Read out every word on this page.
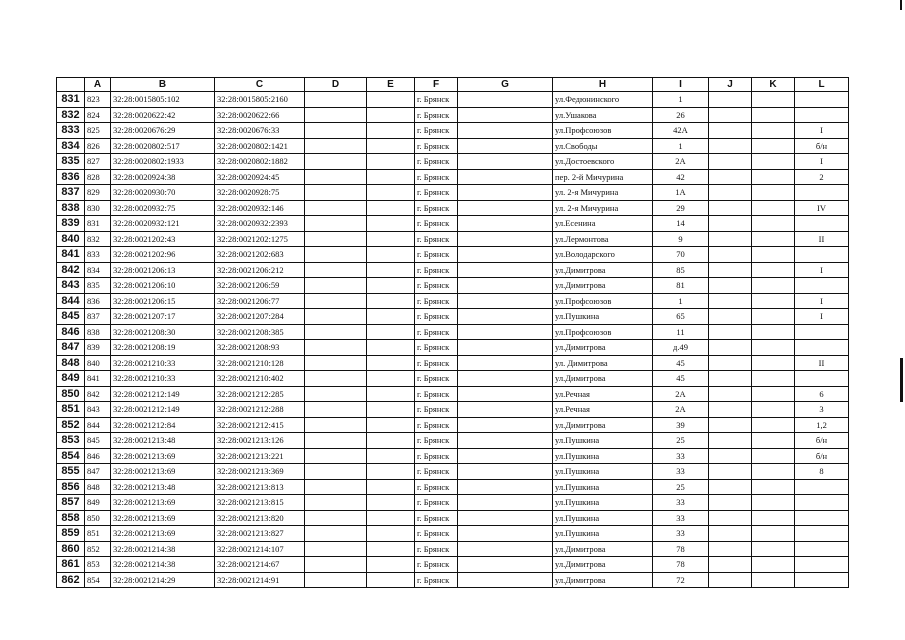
	A	B	C	D	E	F	G	H	I	J	K	L
831	823	32:28:0015805:102	32:28:0015805:2160			г. Брянск		ул.Федюнинского	1			
832	824	32:28:0020622:42	32:28:0020622:66			г. Брянск		ул.Ушакова	26			
833	825	32:28:0020676:29	32:28:0020676:33			г. Брянск		ул.Профсоюзов	42А			I
834	826	32:28:0020802:517	32:28:0020802:1421			г. Брянск		ул.Свободы	1			б/н
835	827	32:28:0020802:1933	32:28:0020802:1882			г. Брянск		ул.Достоевского	2А			I
836	828	32:28:0020924:38	32:28:0020924:45			г. Брянск		пер. 2-й Мичурина	42			2
837	829	32:28:0020930:70	32:28:0020928:75			г. Брянск		ул. 2-я Мичурина	1А			
838	830	32:28:0020932:75	32:28:0020932:146			г. Брянск		ул. 2-я Мичурина	29			IV
839	831	32:28:0020932:121	32:28:0020932:2393			г. Брянск		ул.Есенина	14			
840	832	32:28:0021202:43	32:28:0021202:1275			г. Брянск		ул.Лермонтова	9			II
841	833	32:28:0021202:96	32:28:0021202:683			г. Брянск		ул.Володарского	70			
842	834	32:28:0021206:13	32:28:0021206:212			г. Брянск		ул.Димитрова	85			I
843	835	32:28:0021206:10	32:28:0021206:59			г. Брянск		ул.Димитрова	81			
844	836	32:28:0021206:15	32:28:0021206:77			г. Брянск		ул.Профсоюзов	1			I
845	837	32:28:0021207:17	32:28:0021207:284			г. Брянск		ул.Пушкина	65			I
846	838	32:28:0021208:30	32:28:0021208:385			г. Брянск		ул.Профсоюзов	11			
847	839	32:28:0021208:19	32:28:0021208:93			г. Брянск		ул.Димитрова	д.49			
848	840	32:28:0021210:33	32:28:0021210:128			г. Брянск		ул. Димитрова	45			II
849	841	32:28:0021210:33	32:28:0021210:402			г. Брянск		ул.Димитрова	45			
850	842	32:28:0021212:149	32:28:0021212:285			г. Брянск		ул.Речная	2А			6
851	843	32:28:0021212:149	32:28:0021212:288			г. Брянск		ул.Речная	2А			3
852	844	32:28:0021212:84	32:28:0021212:415			г. Брянск		ул.Димитрова	39			1,2
853	845	32:28:0021213:48	32:28:0021213:126			г. Брянск		ул.Пушкина	25			б/н
854	846	32:28:0021213:69	32:28:0021213:221			г. Брянск		ул.Пушкина	33			б/н
855	847	32:28:0021213:69	32:28:0021213:369			г. Брянск		ул.Пушкина	33			8
856	848	32:28:0021213:48	32:28:0021213:813			г. Брянск		ул.Пушкина	25			
857	849	32:28:0021213:69	32:28:0021213:815			г. Брянск		ул.Пушкина	33			
858	850	32:28:0021213:69	32:28:0021213:820			г. Брянск		ул.Пушкина	33			
859	851	32:28:0021213:69	32:28:0021213:827			г. Брянск		ул.Пушкина	33			
860	852	32:28:0021214:38	32:28:0021214:107			г. Брянск		ул.Димитрова	78			
861	853	32:28:0021214:38	32:28:0021214:67			г. Брянск		ул.Димитрова	78			
862	854	32:28:0021214:29	32:28:0021214:91			г. Брянск		ул.Димитрова	72			
